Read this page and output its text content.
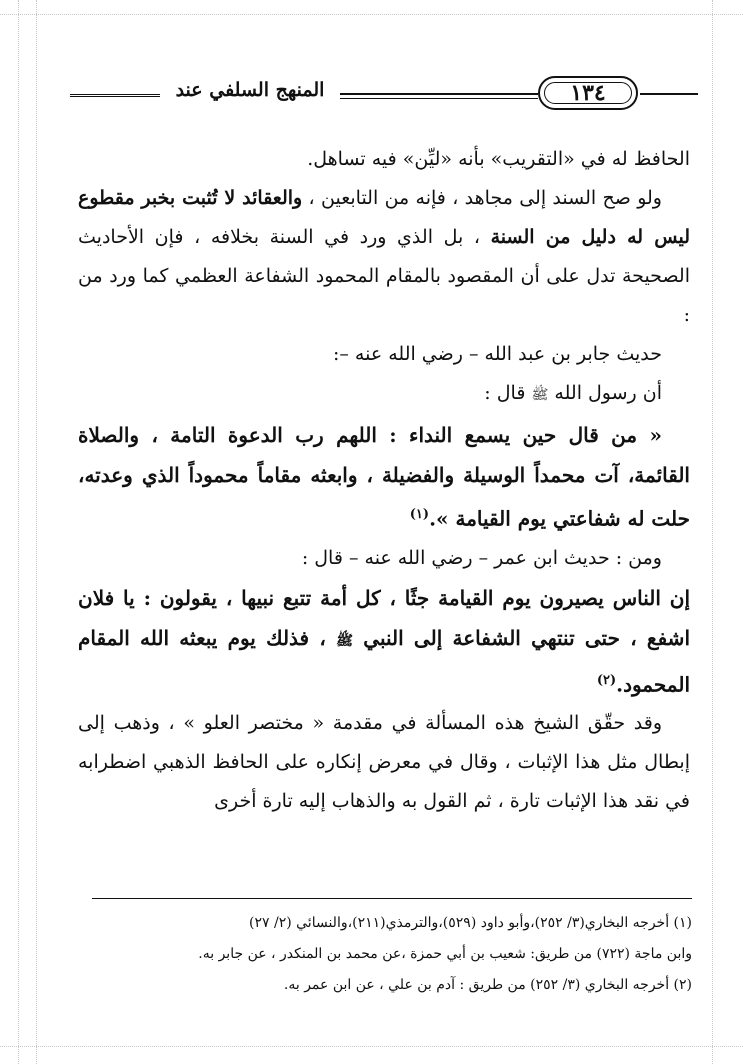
١٣٤
المنهج السلفي عند

الحافظ له في «التقريب» بأنه «ليِّن» فيه تساهل.

ولو صح السند إلى مجاهد ، فإنه من التابعين ، والعقائد لا تُثبت بخبر مقطوع ليس له دليل من السنة ، بل الذي ورد في السنة بخلافه ، فإن الأحاديث الصحيحة تدل على أن المقصود بالمقام المحمود الشفاعة العظمي كما ورد من :

حديث جابر بن عبد الله – رضي الله عنه –:

أن رسول الله ﷺ قال :

« من قال حين يسمع النداء : اللهم رب الدعوة التامة ، والصلاة القائمة، آت محمداً الوسيلة والفضيلة ، وابعثه مقاماً محموداً الذي وعدته، حلت له شفاعتي يوم القيامة ».$^{(١)}$

ومن : حديث ابن عمر – رضي الله عنه – قال :

إن الناس يصيرون يوم القيامة جثًا ، كل أمة تتبع نبيها ، يقولون : يا فلان اشفع ، حتى تنتهي الشفاعة إلى النبي ﷺ ، فذلك يوم يبعثه الله المقام المحمود.$^{(٢)}$

وقد حقّق الشيخ هذه المسألة في مقدمة « مختصر العلو » ، وذهب إلى إبطال مثل هذا الإثبات ، وقال في معرض إنكاره على الحافظ الذهبي اضطرابه في نقد هذا الإثبات تارة ، ثم القول به والذهاب إليه تارة أخرى

(١) أخرجه البخاري(٣/ ٢٥٢)،وأبو داود (٥٢٩)،والترمذي(٢١١)،والنسائي (٢/ ٢٧)

وابن ماجة (٧٢٢) من طريق: شعيب بن أبي حمزة ،عن محمد بن المنكدر ، عن جابر به.

(٢) أخرجه البخاري (٣/ ٢٥٢) من طريق : آدم بن علي ، عن ابن عمر به.
